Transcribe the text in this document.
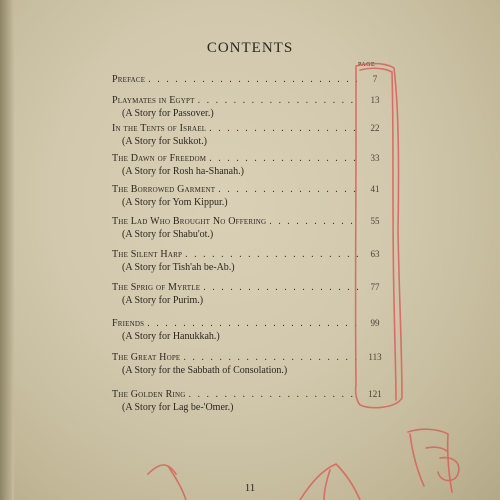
CONTENTS
PAGE
Preface . . .	7
Playmates in Egypt . . .	13
(A Story for Passover.)
In the Tents of Israel . . .	22
(A Story for Sukkot.)
The Dawn of Freedom . . .	33
(A Story for Rosh ha-Shanah.)
The Borrowed Garment . . .	41
(A Story for Yom Kippur.)
The Lad Who Brought No Offering . . .	55
(A Story for Shabu'ot.)
The Silent Harp . . .	63
(A Story for Tish'ah be-Ab.)
The Sprig of Myrtle . . .	77
(A Story for Purim.)
Friends . . .	99
(A Story for Hanukkah.)
The Great Hope . . .	113
(A Story for the Sabbath of Consolation.)
The Golden Ring . . .	121
(A Story for Lag be-'Omer.)
11
